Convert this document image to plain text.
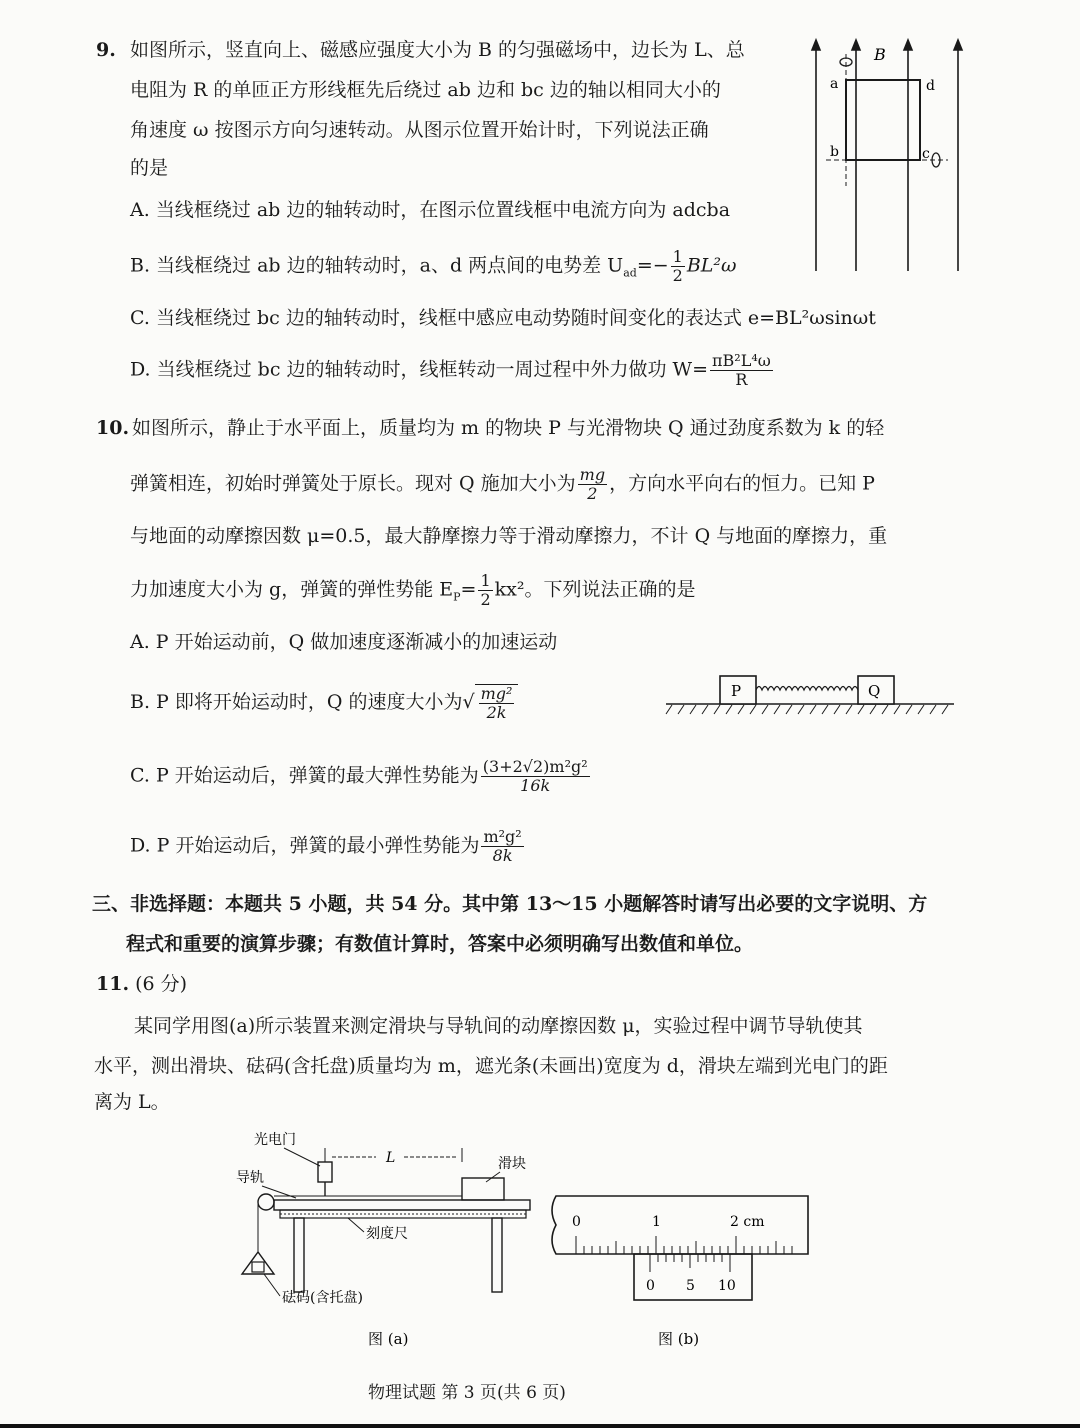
9. 如图所示，竖直向上、磁感应强度大小为 B 的匀强磁场中，边长为 L、总
电阻为 R 的单匝正方形线框先后绕过 ab 边和 bc 边的轴以相同大小的
角速度 ω 按图示方向匀速转动。从图示位置开始计时，下列说法正确
的是
A. 当线框绕过 ab 边的轴转动时，在图示位置线框中电流方向为 adcba
B. 当线框绕过 ab 边的轴转动时，a、d 两点间的电势差 $U_{ad}=- \frac{1}{2} BL^2\omega$
C. 当线框绕过 bc 边的轴转动时，线框中感应电动势随时间变化的表达式 e=BL²ωsinωt
D. 当线框绕过 bc 边的轴转动时，线框转动一周过程中外力做功 $W= \frac{\text{πB²L⁴ω}}{R}$
B
a	d
b	c
10. 如图所示，静止于水平面上，质量均为 m 的物块 P 与光滑物块 Q 通过劲度系数为 k 的轻
弹簧相连，初始时弹簧处于原长。现对 Q 施加大小为 $\frac{mg}{2}$ ，方向水平向右的恒力。已知 P
与地面的动摩擦因数 μ=0.5，最大静摩擦力等于滑动摩擦力，不计 Q 与地面的摩擦力，重
力加速度大小为 g，弹簧的弹性势能 $E_P= \frac{1}{2} kx^2$。下列说法正确的是
A. P 开始运动前，Q 做加速度逐渐减小的加速运动
B. P 即将开始运动时，Q 的速度大小为√ $\frac{\text{mg²}}{2k}$
C. P 开始运动后，弹簧的最大弹性势能为 $\frac{\text{(3+2√2)m²g²}}{16k}$
D. P 开始运动后，弹簧的最小弹性势能为 $\frac{\text{m²g²}}{8k}$
P	Q
三、非选择题：本题共 5 小题，共 54 分。其中第 13～15 小题解答时请写出必要的文字说明、方
程式和重要的演算步骤；有数值计算时，答案中必须明确写出数值和单位。
11. (6 分)
某同学用图(a)所示装置来测定滑块与导轨间的动摩擦因数 μ，实验过程中调节导轨使其
水平，测出滑块、砝码(含托盘)质量均为 m，遮光条(未画出)宽度为 d，滑块左端到光电门的距
离为 L。
光电门
L	滑块
导轨
刻度尺
砝码(含托盘)
图 (a)
0	1	2 cm
0 5 10
图 (b)
物理试题 第 3 页(共 6 页)
